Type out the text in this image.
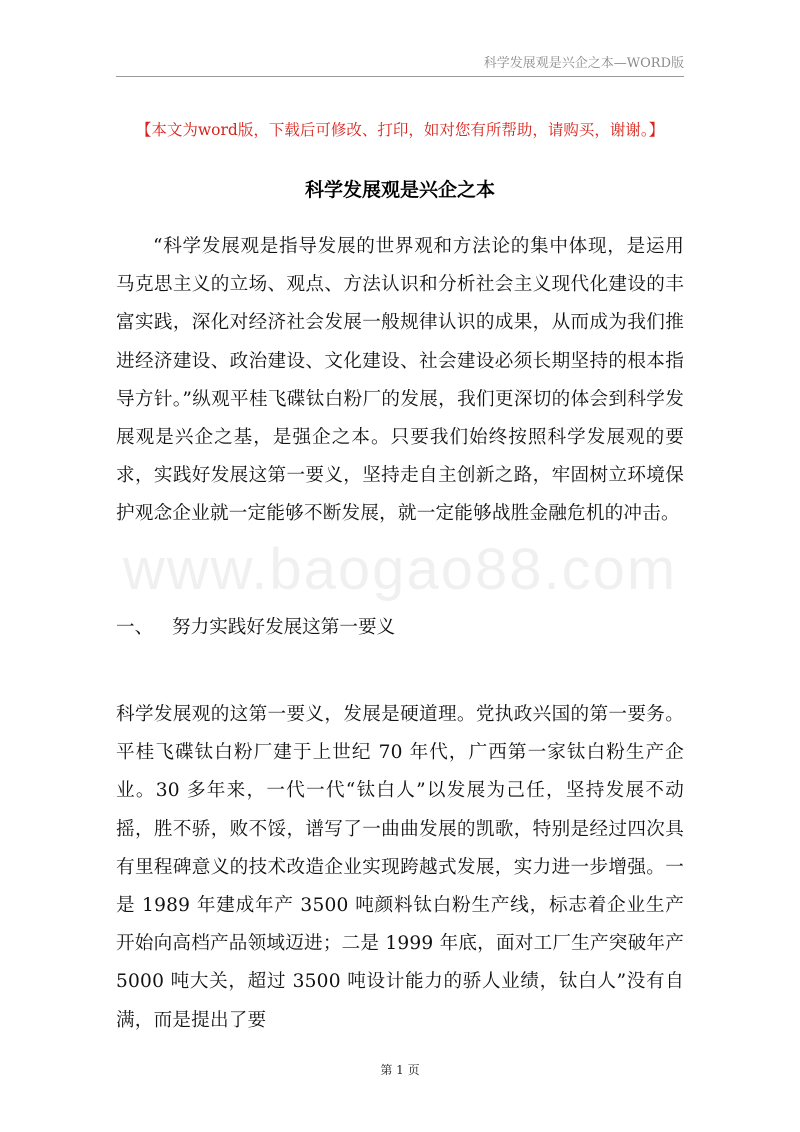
科学发展观是兴企之本—WORD版
【本文为word版，下载后可修改、打印，如对您有所帮助，请购买，谢谢。】
科学发展观是兴企之本

“科学发展观是指导发展的世界观和方法论的集中体现，是运用马克思主义的立场、观点、方法认识和分析社会主义现代化建设的丰富实践，深化对经济社会发展一般规律认识的成果，从而成为我们推进经济建设、政治建设、文化建设、社会建设必须长期坚持的根本指导方针。”纵观平桂飞碟钛白粉厂的发展，我们更深切的体会到科学发展观是兴企之基，是强企之本。只要我们始终按照科学发展观的要求，实践好发展这第一要义，坚持走自主创新之路，牢固树立环境保护观念企业就一定能够不断发展，就一定能够战胜金融危机的冲击。

www.baogao88.com
一、 努力实践好发展这第一要义

科学发展观的这第一要义，发展是硬道理。党执政兴国的第一要务。平桂飞碟钛白粉厂建于上世纪 70 年代，广西第一家钛白粉生产企业。30 多年来，一代一代“钛白人”以发展为己任，坚持发展不动摇，胜不骄，败不馁，谱写了一曲曲发展的凯歌，特别是经过四次具有里程碑意义的技术改造企业实现跨越式发展，实力进一步增强。一是 1989 年建成年产 3500 吨颜料钛白粉生产线，标志着企业生产开始向高档产品领域迈进；二是 1999 年底，面对工厂生产突破年产 5000 吨大关，超过 3500 吨设计能力的骄人业绩，钛白人”没有自满，而是提出了要

第 1 页
